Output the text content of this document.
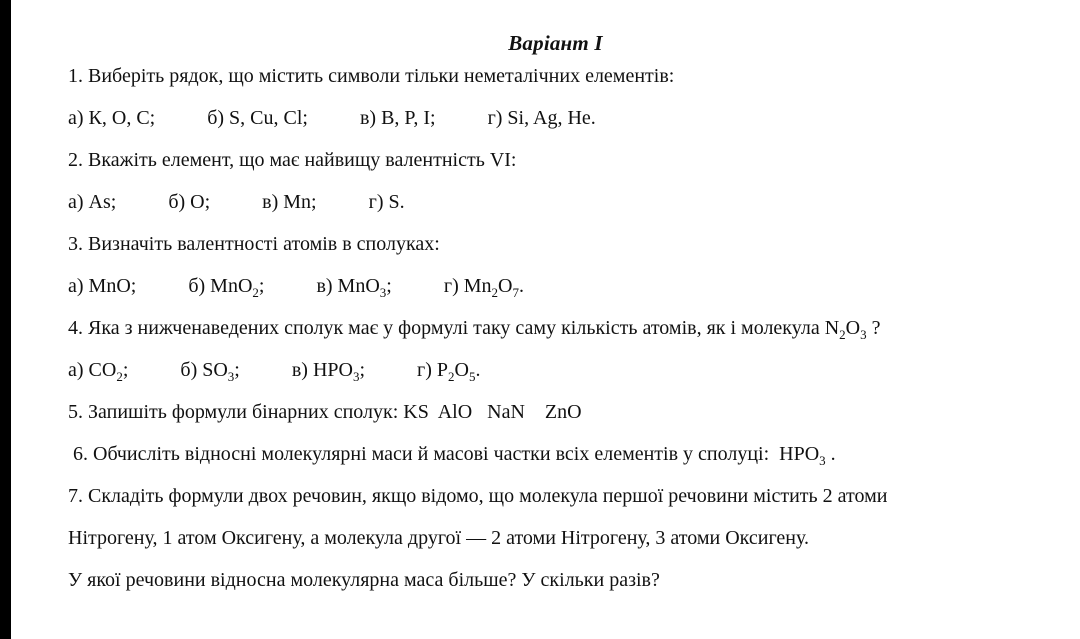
Варіант І
1. Виберіть рядок, що містить символи тільки неметалічних елементів:
а) К, О, С;	б) S, Cu, Cl;	в) B, P, I;	г) Si, Ag, He.
2. Вкажіть елемент, що має найвищу валентність VI:
а) As;	б) О;	в) Mn;	г) S.
3. Визначіть валентності атомів в сполуках:
а) MnO;	б) MnO$_2$;	в) MnO$_3$;	г) $Mn_2O_7$.
4. Яка з нижченаведених сполук має у формулі таку саму кількість атомів, як і молекула $N_2O_3$ ?
а) $CO_2$;	б) $SO_3$;	в) $HPO_3$;	г) $P_2O_5$.
5. Запишіть формули бінарних сполук: KS  AlO   NaN    ZnO
6. Обчисліть відносні молекулярні маси й масові частки всіх елементів у сполуці:  $HPO_3$ .
7. Складіть формули двох речовин, якщо відомо, що молекула першої речовини містить 2 атоми
Нітрогену, 1 атом Оксигену, а молекула другої — 2 атоми Нітрогену, 3 атоми Оксигену.
У якої речовини відносна молекулярна маса більше? У скільки разів?
